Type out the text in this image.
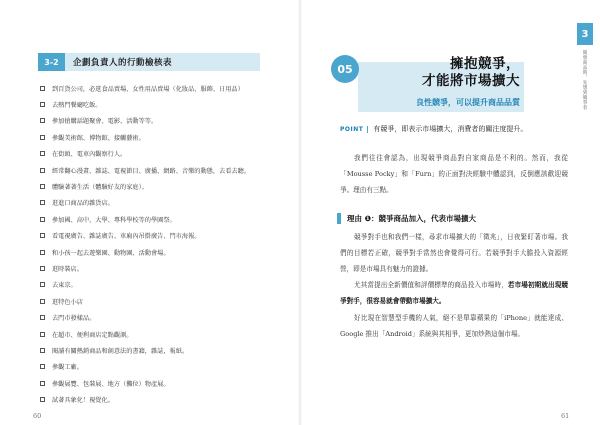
3-2	企劃負責人的行動檢核表
到百貨公司，必逛食品賣場、女性用品賣場（化妝品、服飾、日用品）
去熱門餐廳吃飯。
參加搶購話題聚會、電影、活動等等。
參觀美術館、博物館、接觸藝術。
在街頭、電車內觀察行人。
經常翻心漫畫、雜誌、電視節目、廣播、網路、音樂的動態，去看去聽。
體驗著著生活（體驗好友的家庭）。
逛進口商品的雜貨店。
參加國、高中、大學、專科學校等的學園祭。
看電視廣告、雜誌廣告、車廂內吊掛廣告、門市海報。
和小孩一起去遊樂園、動物園、活動會場。
逛時裝店。
去東京。
逛特色小店
去門市發樣品。
在超市、便利商店定點觀測。
閱讀有關熱銷商品和創意法的書籍，雜誌，報紙。
參觀工廠。
參觀展覽、包裝展、地方（攤位）物產展。
試著具象化！視覺化。
60
3
開發商品時，先想到競爭者
05	擁抱競爭，
才能將市場擴大
良性競爭，可以提升商品品質
POINT	有競爭，即表示市場擴大，消費者的關注度提升。

我們往往會認為，出現競爭商品對自家商品是不利的。然而，我從「Mousse Pocky」和「Furn」的正面對決經驗中體認到，反倒應該歡迎競爭。理由有三點。

理由 ❶：競爭商品加入，代表市場擴大

競爭對手也和我們一樣，尋求市場擴大的「徵兆」，日夜緊盯著市場。我們的目標若正確，競爭對手當然也會覺得可行。若競爭對手大膽投入資源經營，即是市場具有魅力的證據。

尤其當提出全新價值和評價標準的商品投入市場時，若市場初期就出現競爭對手，很容易就會帶動市場擴大。

好比現在智慧型手機的人氣，絕不是單靠蘋果的「iPhone」就能達成、Google 推出「Android」系統與其相爭，更加炒熱這個市場。

61
